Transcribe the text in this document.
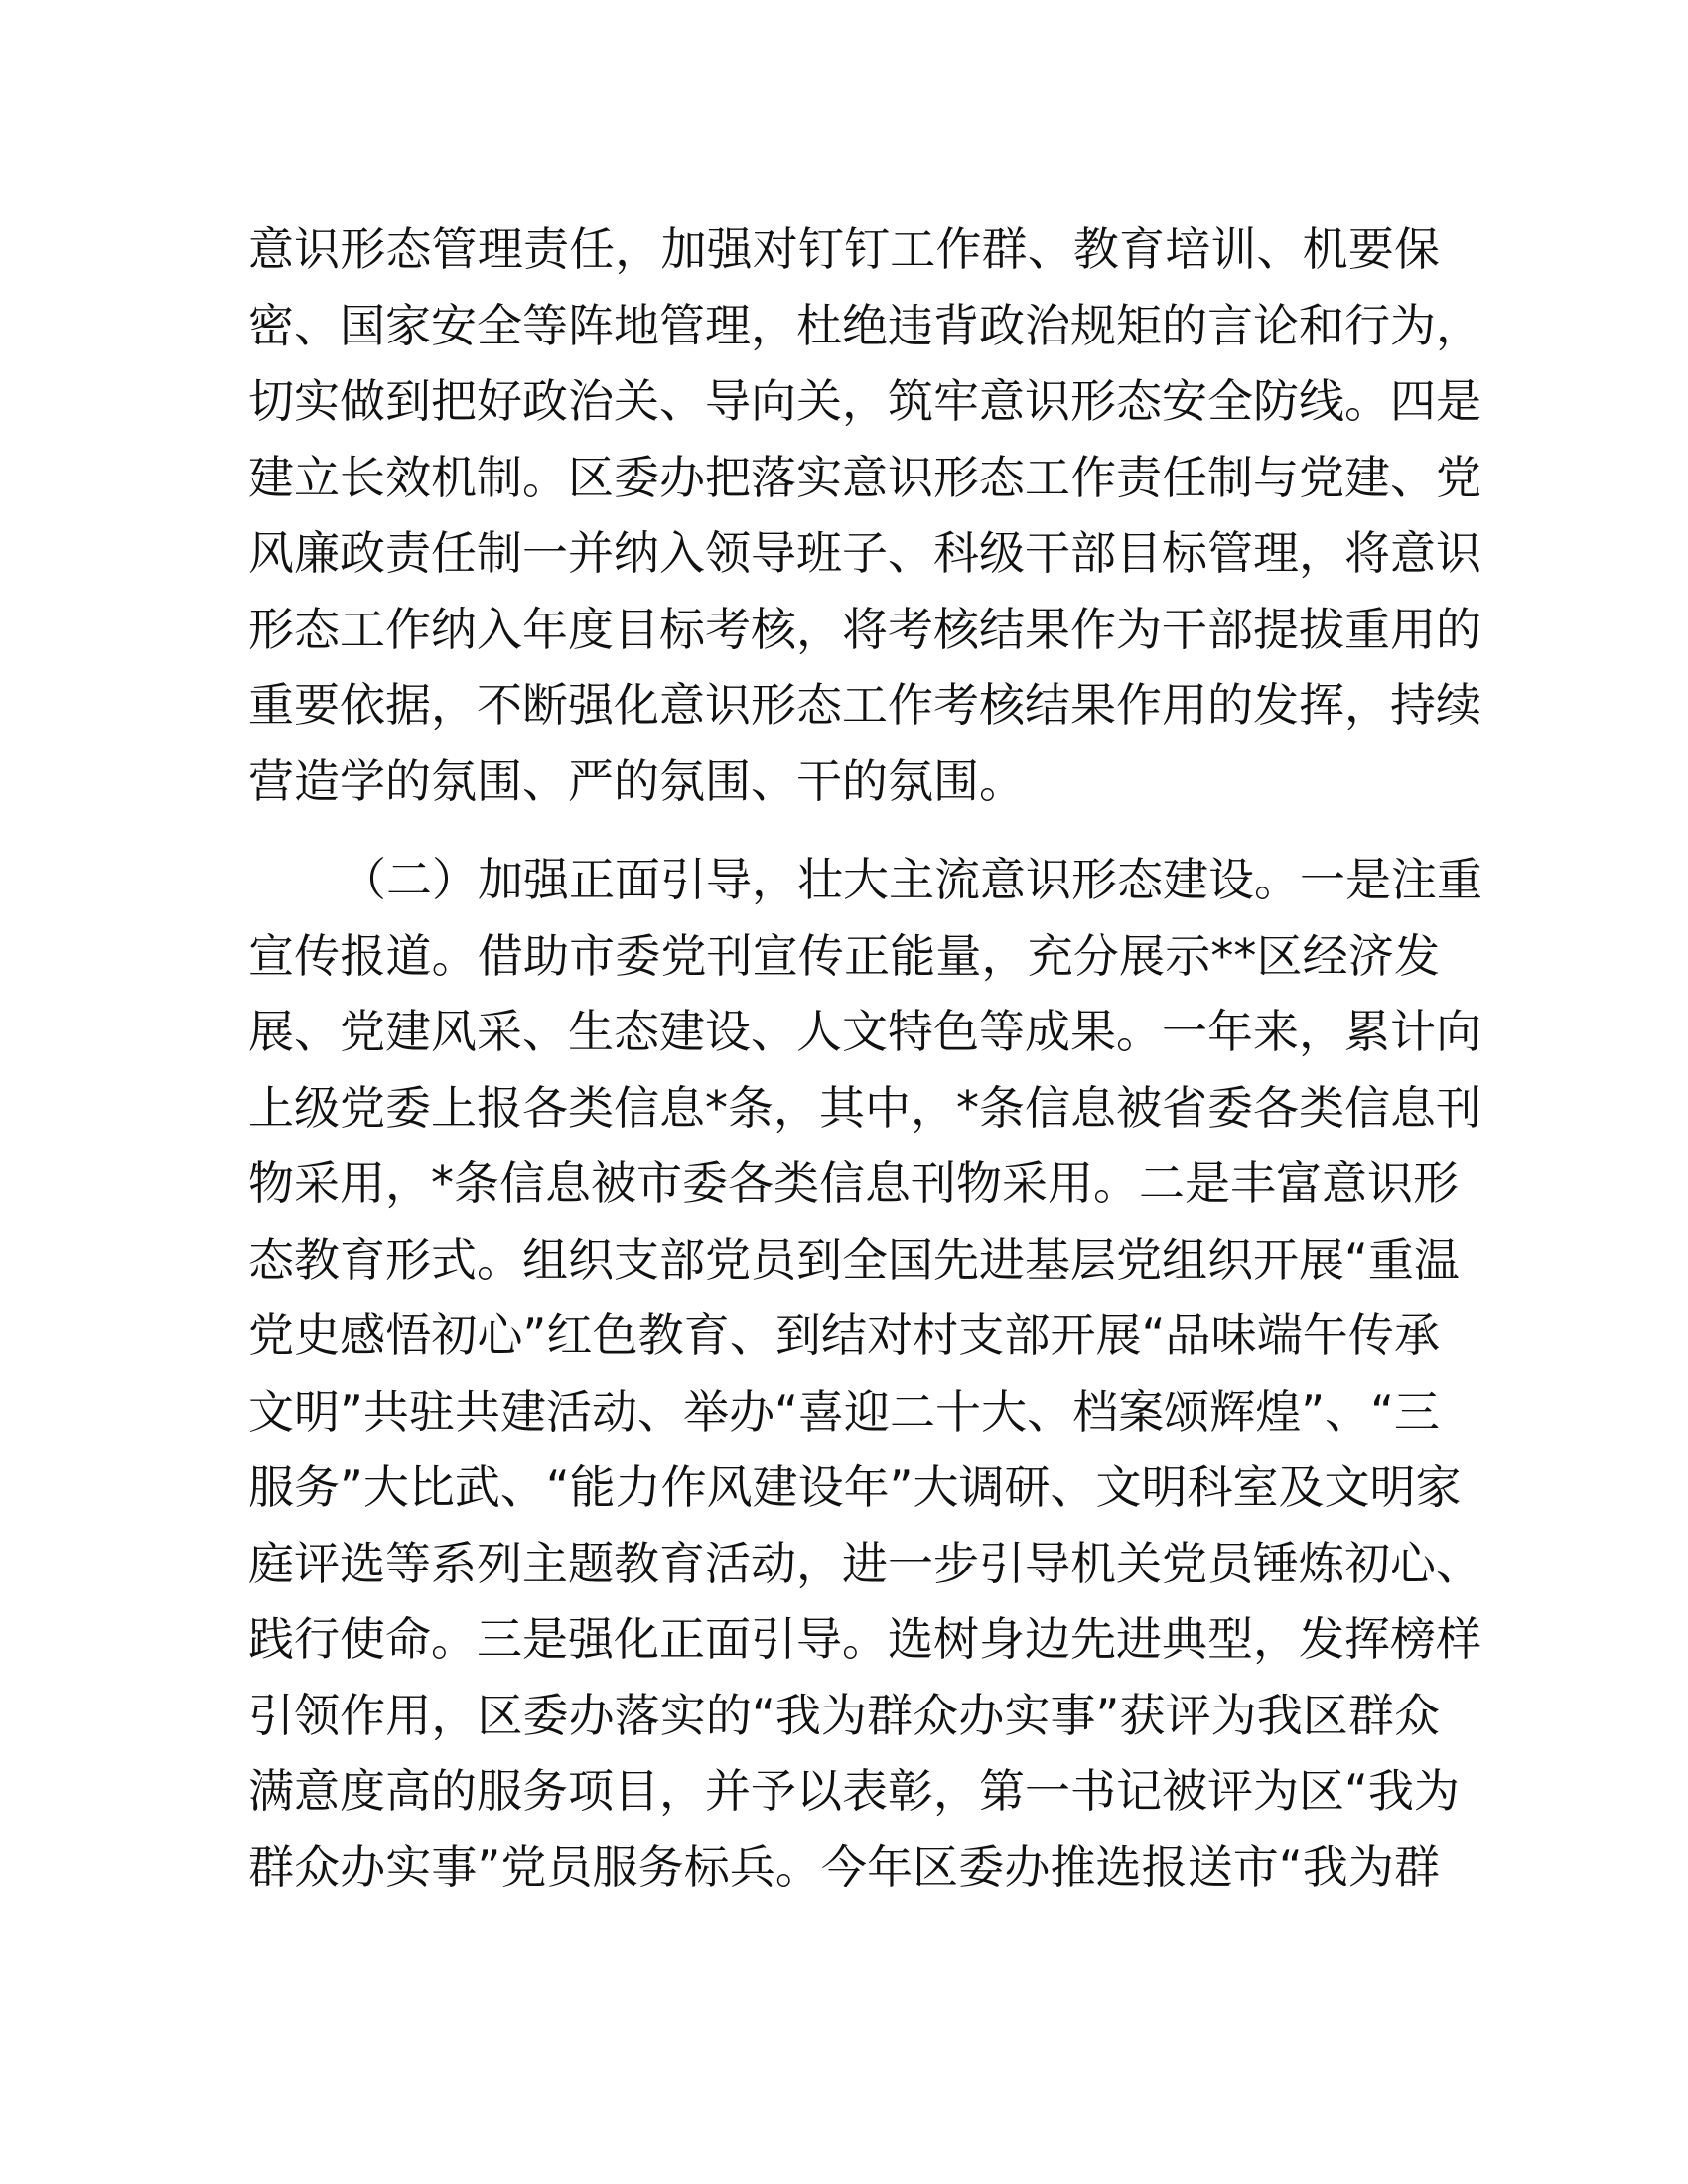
意识形态管理责任，加强对钉钉工作群、教育培训、机要保
密、国家安全等阵地管理，杜绝违背政治规矩的言论和行为，
切实做到把好政治关、导向关，筑牢意识形态安全防线。四是
建立长效机制。区委办把落实意识形态工作责任制与党建、党
风廉政责任制一并纳入领导班子、科级干部目标管理，将意识
形态工作纳入年度目标考核，将考核结果作为干部提拔重用的
重要依据，不断强化意识形态工作考核结果作用的发挥，持续
营造学的氛围、严的氛围、干的氛围。
（二）加强正面引导，壮大主流意识形态建设。一是注重
宣传报道。借助市委党刊宣传正能量，充分展示**区经济发
展、党建风采、生态建设、人文特色等成果。一年来，累计向
上级党委上报各类信息*条，其中，*条信息被省委各类信息刊
物采用，*条信息被市委各类信息刊物采用。二是丰富意识形
态教育形式。组织支部党员到全国先进基层党组织开展“重温
党史感悟初心”红色教育、到结对村支部开展“品味端午传承
文明”共驻共建活动、举办“喜迎二十大、档案颂辉煌”、“三
服务”大比武、“能力作风建设年”大调研、文明科室及文明家
庭评选等系列主题教育活动，进一步引导机关党员锤炼初心、
践行使命。三是强化正面引导。选树身边先进典型，发挥榜样
引领作用，区委办落实的“我为群众办实事”获评为我区群众
满意度高的服务项目，并予以表彰，第一书记被评为区“我为
群众办实事”党员服务标兵。今年区委办推选报送市“我为群
